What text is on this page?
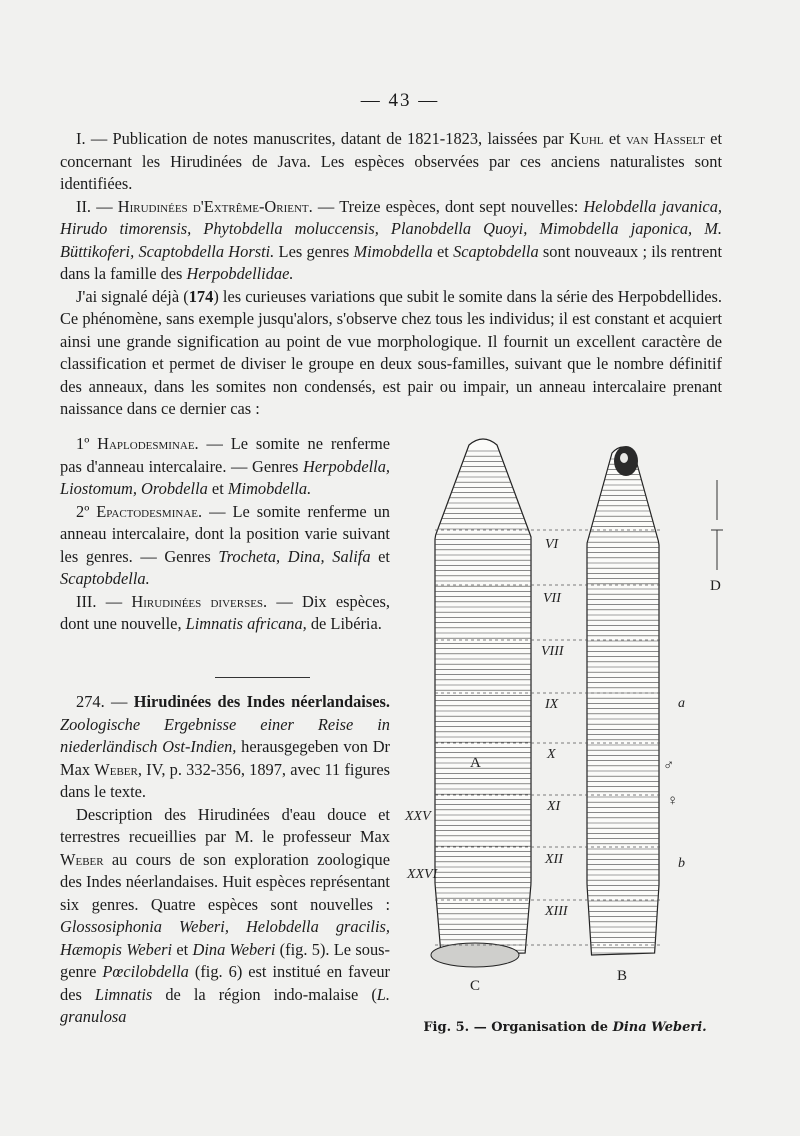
— 43 —

I. — Publication de notes manuscrites, datant de 1821-1823, laissées par Kuhl et van Hasselt et concernant les Hirudinées de Java. Les espèces observées par ces anciens naturalistes sont identifiées.

II. — Hirudinées d'Extrême-Orient. — Treize espèces, dont sept nouvelles: Helobdella javanica, Hirudo timorensis, Phytobdella moluccensis, Planobdella Quoyi, Mimobdella japonica, M. Büttikoferi, Scaptobdella Horsti. Les genres Mimobdella et Scaptobdella sont nouveaux ; ils rentrent dans la famille des Herpobdellidae.

J'ai signalé déjà (174) les curieuses variations que subit le somite dans la série des Herpobdellides. Ce phénomène, sans exemple jusqu'alors, s'observe chez tous les individus; il est constant et acquiert ainsi une grande signification au point de vue morphologique. Il fournit un excellent caractère de classification et permet de diviser le groupe en deux sous-familles, suivant que le nombre définitif des anneaux, dans les somites non condensés, est pair ou impair, un anneau intercalaire prenant naissance dans ce dernier cas :

1º Haplodesminae. — Le somite ne renferme pas d'anneau intercalaire. — Genres Herpobdella, Liostomum, Orobdella et Mimobdella.

2º Epactodesminae. — Le somite renferme un anneau intercalaire, dont la position varie suivant les genres. — Genres Trocheta, Dina, Salifa et Scaptobdella.

III. — Hirudinées diverses. — Dix espèces, dont une nouvelle, Limnatis africana, de Libéria.

274. — Hirudinées des Indes néerlandaises. Zoologische Ergebnisse einer Reise in niederländisch Ost-Indien, herausgegeben von Dr Max Weber, IV, p. 332-356, 1897, avec 11 figures dans le texte.

Description des Hirudinées d'eau douce et terrestres recueillies par M. le professeur Max Weber au cours de son exploration zoologique des Indes néerlandaises. Huit espèces représentant six genres. Quatre espèces sont nouvelles : Glossosiphonia Weberi, Helobdella gracilis, Hæmopis Weberi et Dina Weberi (fig. 5). Le sous-genre Pœcilobdella (fig. 6) est institué en faveur des Limnatis de la région indo-malaise (L. granulosa

A
C
B
D
VI
VII
VIII
IX
X
XI
XII
XIII
XXV
XXVI
a
b
♂
♀
Fig. 5. — Organisation de Dina Weberi.
